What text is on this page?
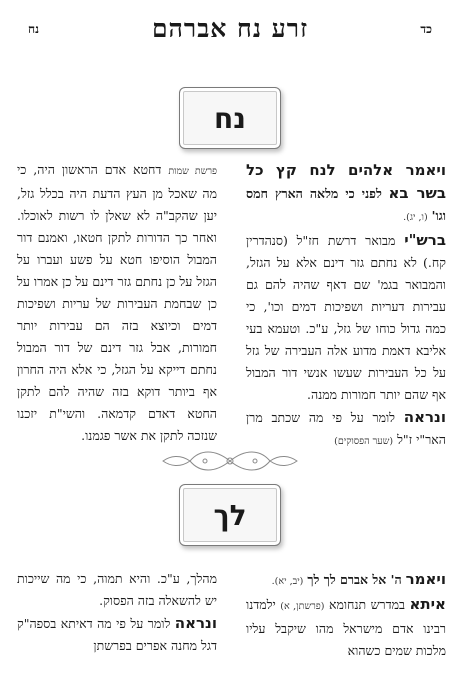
כד
זרע נח אברהם
נח
נח

ויאמר אלהים לנח קץ כל בשר בא לפני כי מלאה הארץ חמס וגו' (ו, יג).

ברש"י מבואר דרשת חז"ל (סנהדרין קח.) לא נחתם גזר דינם אלא על הגזל, והמבואר בגמ' שם דאף שהיה להם גם עבירות דעריות ושפיכות דמים וכו', כי כמה גדול כוחו של גזל, ע"כ. וטעמא בעי אליבא דאמת מדוע אלה העבירה של גזל על כל העבירות שעשו אנשי דור המבול אף שהם יותר חמורות ממנה.

ונראה לומר על פי מה שכתב מרן האר"י ז"ל (שער הפסוקים)

פרשת שמות דחטא אדם הראשון היה, כי מה שאכל מן העץ הדעת היה בכלל גזל, יען שהקב"ה לא שאלן לו רשות לאוכלו. ואחר כך הדורות לתקן חטאו, ואמנם דור המבול הוסיפו חטא על פשע ועברו על הגזל על כן נחתם גזר דינם על כן אמרו על כן שבחמת העבירות של עריות ושפיכות דמים וכיוצא בזה הם עבירות יותר חמורות, אבל גזר דינם של דור המבול נחתם דייקא על הגזל, כי אלא היה החרון אף ביותר דוקא בזה שהיה להם לתקן החטא דאדם קדמאה. והשי"ת יזכנו שנזכה לתקן את אשר פגמנו.

לך

ויאמר ה' אל אברם לך לך (יב, יא).

איתא במדרש תנחומא (פרשתן, א) ילמדנו רבינו אדם מישראל מהו שיקבל עליו מלכות שמים כשהוא

מהלך, ע"כ. והיא תמוה, כי מה שייכות יש להשאלה בזה הפסוק.

ונראה לומר על פי מה דאיתא בספה"ק דגל מחנה אפרים בפרשתן
